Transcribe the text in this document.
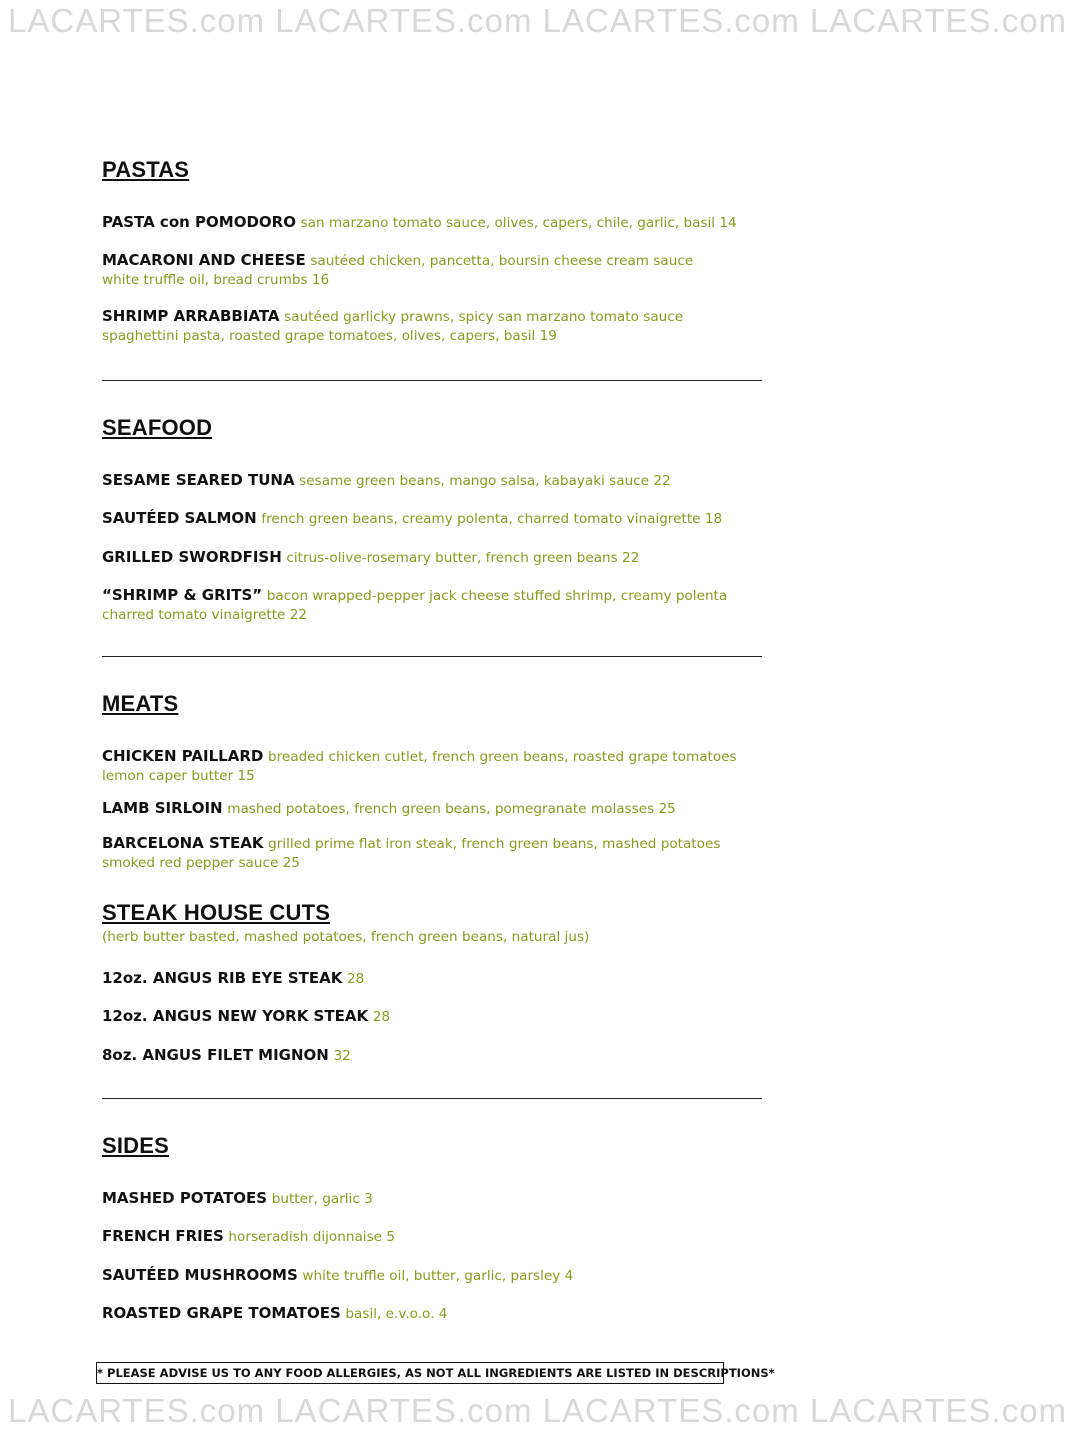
LACARTES.com LACARTES.com LACARTES.com LACARTES.com
PASTAS
PASTA con POMODORO san marzano tomato sauce, olives, capers, chile, garlic, basil 14
MACARONI AND CHEESE sautéed chicken, pancetta, boursin cheese cream sauce white truffle oil, bread crumbs 16
SHRIMP ARRABBIATA sautéed garlicky prawns, spicy san marzano tomato sauce spaghettini pasta, roasted grape tomatoes, olives, capers, basil 19
SEAFOOD
SESAME SEARED TUNA sesame green beans, mango salsa, kabayaki sauce 22
SAUTÉED SALMON french green beans, creamy polenta, charred tomato vinaigrette 18
GRILLED SWORDFISH citrus-olive-rosemary butter, french green beans 22
“SHRIMP & GRITS” bacon wrapped-pepper jack cheese stuffed shrimp, creamy polenta charred tomato vinaigrette 22
MEATS
CHICKEN PAILLARD breaded chicken cutlet, french green beans, roasted grape tomatoes lemon caper butter 15
LAMB SIRLOIN mashed potatoes, french green beans, pomegranate molasses 25
BARCELONA STEAK grilled prime flat iron steak, french green beans, mashed potatoes smoked red pepper sauce 25
STEAK HOUSE CUTS
(herb butter basted, mashed potatoes, french green beans, natural jus)
12oz. ANGUS RIB EYE STEAK 28
12oz. ANGUS NEW YORK STEAK 28
8oz. ANGUS FILET MIGNON 32
SIDES
MASHED POTATOES butter, garlic 3
FRENCH FRIES horseradish dijonnaise 5
SAUTÉED MUSHROOMS white truffle oil, butter, garlic, parsley 4
ROASTED GRAPE TOMATOES basil, e.v.o.o. 4
* PLEASE ADVISE US TO ANY FOOD ALLERGIES, AS NOT ALL INGREDIENTS ARE LISTED IN DESCRIPTIONS*
LACARTES.com LACARTES.com LACARTES.com LACARTES.com
